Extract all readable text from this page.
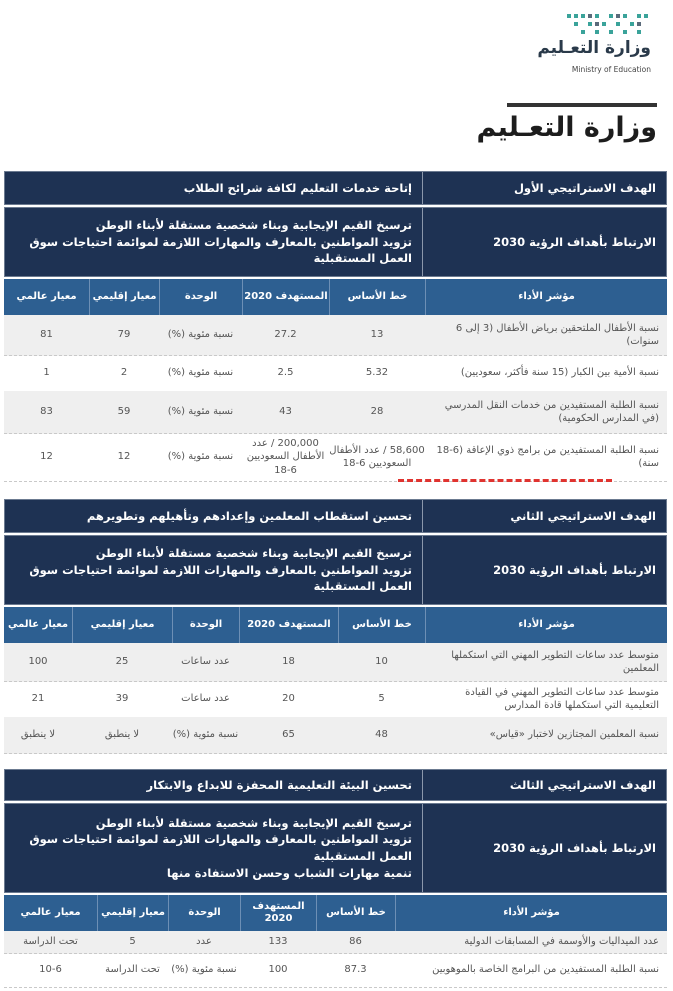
وزارة التعـليم
Ministry of Education
وزارة التعـليم
الهدف الاستراتيجي الأول
إتاحة خدمات التعليم لكافة شرائح الطلاب
الارتباط بأهداف الرؤية 2030
ترسيخ القيم الإيجابية وبناء شخصية مستقلة لأبناء الوطن
تزويد المواطنين بالمعارف والمهارات اللازمة لموائمة احتياجات سوق العمل المستقبلية
مؤشر الأداء
خط الأساس
المستهدف 2020
الوحدة
معيار إقليمي
معيار عالمي
نسبة الأطفال الملتحقين برياض الأطفال (3 إلى 6 سنوات)
13
27.2
نسبة مئوية (%)
79
81
نسبة الأمية بين الكبار (15 سنة فأكثر، سعوديين)
5.32
2.5
نسبة مئوية (%)
2
1
نسبة الطلبة المستفيدين من خدمات النقل المدرسي (في المدارس الحكومية)
28
43
نسبة مئوية (%)
59
83
نسبة الطلبة المستفيدين من برامج ذوي الإعاقة (6-18 سنة)
58,600 / عدد الأطفال السعوديين 6-18
200,000 / عدد الأطفال السعوديين 6-18
نسبة مئوية (%)
12
12
الهدف الاستراتيجي الثاني
تحسين استقطاب المعلمين وإعدادهم وتأهيلهم وتطويرهم
الارتباط بأهداف الرؤية 2030
ترسيخ القيم الإيجابية وبناء شخصية مستقلة لأبناء الوطن
تزويد المواطنين بالمعارف والمهارات اللازمة لموائمة احتياجات سوق العمل المستقبلية
مؤشر الأداء
خط الأساس
المستهدف 2020
الوحدة
معيار إقليمي
معيار عالمي
متوسط عدد ساعات التطوير المهني التي استكملها المعلمين
10
18
عدد ساعات
25
100
متوسط عدد ساعات التطوير المهني في القيادة التعليمية التي استكملها قادة المدارس
5
20
عدد ساعات
39
21
نسبة المعلمين المجتازين لاختبار «قياس»
48
65
نسبة مئوية (%)
لا ينطبق
لا ينطبق
الهدف الاستراتيجي الثالث
تحسين البيئة التعليمية المحفزة للابداع والابتكار
الارتباط بأهداف الرؤية 2030
ترسيخ القيم الإيجابية وبناء شخصية مستقلة لأبناء الوطن
تزويد المواطنين بالمعارف والمهارات اللازمة لموائمة احتياجات سوق العمل المستقبلية
تنمية مهارات الشباب وحسن الاستفادة منها
مؤشر الأداء
خط الأساس
المستهدف 2020
الوحدة
معيار إقليمي
معيار عالمي
عدد الميداليات والأوسمة في المسابقات الدولية
86
133
عدد
5
تحت الدراسة
نسبة الطلبة المستفيدين من البرامج الخاصة بالموهوبين
87.3
100
نسبة مئوية (%)
تحت الدراسة
10-6
